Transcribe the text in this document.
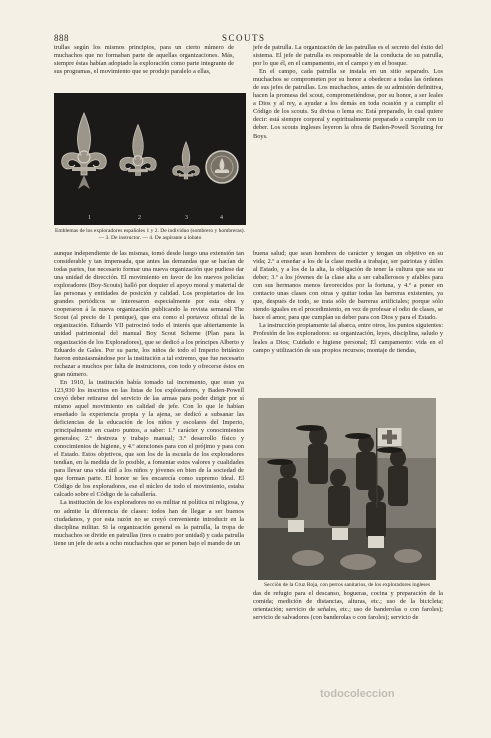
888	SCOUTS

trullas según los mismos principios, para un cierto número de muchachos que no formaban parte de aquellas organizaciones. Más, siempre éstas habían adoptado la exploración como parte integrante de sus programas, el movimiento que se produjo paralelo a ellas,

jefe de patrulla. La organización de las patrullas es el secreto del éxito del sistema. El jefe de patrulla es responsable de la conducta de su patrulla, por lo que él, en el campamento, en el campo y en el bosque.

En el campo, cada patrulla se instala en un sitio separado. Los muchachos se comprometen por su honor a obedecer a todas las órdenes de sus jefes de patrullas. Los muchachos, antes de su admisión definitiva, hacen la promesa del scout, comprometiéndose, por su honor, a ser leales a Dios y al rey, a ayudar a los demás en toda ocasión y a cumplir el Código de los scouts. Su divisa o lema es: Está preparado, lo cual quiere decir: está siempre corporal y espiritualmente preparado a cumplir con tu deber. Los scouts ingleses leyeron la obra de Baden-Powell Scouting for Boys.

1	2	3	4
Emblemas de los exploradores españoles 1 y 2. De individuo (sombrero y hombreras). — 3. De instructor. — 4. De aspirante a lobato

aunque independiente de las mismas, tomó desde luego una extensión tan considerable y tan impensada, que antes las demandas que se hacían de todas partes, fue necesario formar una nueva organización que pudiese dar una unidad de dirección. El movimiento en favor de los nuevos policías exploradores (Boy-Scouts) halló por doquier el apoyo moral y material de las personas y entidades de posición y calidad. Los propietarios de los grandes periódicos se interesaron especialmente por esta obra y cooperaron á la nueva organización publicando la revista semanal The Scout (al precio de 1 penique), que era como el portavoz oficial de la organización. Eduardo VII patrocinó todo el interés que abiertamente la unidad patrimonial del manual Boy Scout Scheme (Plan para la organización de los Exploradores), que se dedicó a los príncipes Alberto y Eduardo de Gales. Por su parte, los niños de todo el Imperio británico fueron entusiasmándose por la institución a tal extremo, que fue necesario rechazar a muchos por falta de instructores, con todo y ofrecerse éstos en gran número.

En 1910, la institución había tomado tal incremento, que eran ya 123,930 los inscritos en las listas de los exploradores, y Baden-Powell creyó deber retirarse del servicio de las armas para poder dirigir por sí mismo aquel movimiento en calidad de jefe. Con lo que le habían enseñado la experiencia propia y la ajena, se dedicó a subsanar las deficiencias de la educación de los niños y escolares del Imperio, principalmente en cuatro puntos, a saber: 1.º carácter y conocimientos generales; 2.º destreza y trabajo manual; 3.º desarrollo físico y conocimientos de higiene, y 4.º atenciones para con el prójimo y para con el Estado. Estos objetivos, que son los de la escuela de los exploradores tendían, en la medida de lo posible, a fomentar estos valores y cualidades para llevar una vida útil a los niños y jóvenes en bien de la sociedad de que forman parte. El honor se les encarecía como supremo ideal. El Código de los exploradores, ese el núcleo de todo el movimiento, estaba calcado sobre el Código de la caballería.

La institución de los exploradores no es militar ni política ni religiosa, y no admite la diferencia de clases: todos han de llegar a ser buenos ciudadanos, y por esta razón no se creyó conveniente introducir en la disciplina militar. Si la organización general es la patrulla, la tropa de muchachos se divide en patrullas (tres o cuatro por unidad) y cada patrulla tiene un jefe de seis a ocho muchachos que se ponen bajo el mando de un

buena salud; que sean hombres de carácter y tengan un objetivo en su vida; 2.º a enseñar a los de la clase media a trabajar, ser patriotas y útiles al Estado, y a los de la alta, la obligación de tener la cultura que sea su deber; 3.º a los jóvenes de la clase alta a ser caballerosos y afables para con sus hermanos menos favorecidos por la fortuna, y 4.º a poner en contacto unas clases con otras y quitar todas las barreras existentes, ya que, después de todo, se trata sólo de barreras artificiales; porque sólo siendo iguales en el procedimiento, en vez de profesar el odio de clases, se hace el amor, para que cumplan su deber para con Dios y para el Estado.

La instrucción propiamente tal abarca, entre otros, los puntos siguientes: Profesión de los exploradores: su organización, leyes, disciplina, saludo y leales a Dios; Cuidado e higiene personal; El campamento: vida en el campo y utilización de sus propios recursos; montaje de tiendas,

Sección de la Cruz Roja, con perros sanitarios, de los exploradores ingleses

das de refugio para el descanso, hogueras, cocina y preparación de la comida; medición de distancias, alturas, etc.; uso de la bicicleta; orientación; servicio de señales, etc.; uso de banderolas o con faroles); servicio de salvadores (con banderolas o con faroles); servicio de

todocoleccion
